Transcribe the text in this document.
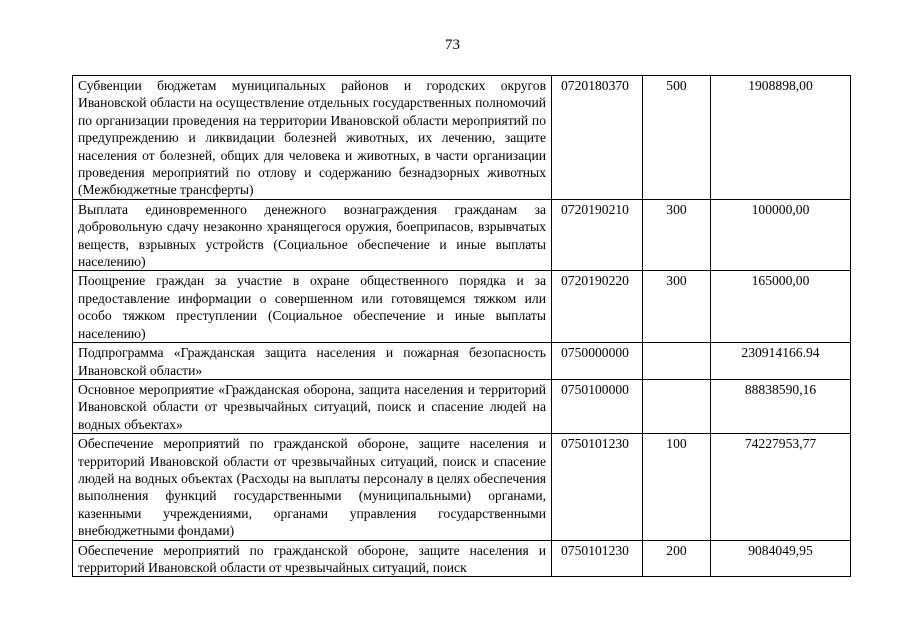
73
Субвенции бюджетам муниципальных районов и городских округов Ивановской области на осуществление отдельных государственных полномочий по организации проведения на территории Ивановской области мероприятий по предупреждению и ликвидации болезней животных, их лечению, защите населения от болезней, общих для человека и животных, в части организации проведения мероприятий по отлову и содержанию безнадзорных животных (Межбюджетные трансферты)	0720180370	500	1908898,00
Выплата единовременного денежного вознаграждения гражданам за добровольную сдачу незаконно хранящегося оружия, боеприпасов, взрывчатых веществ, взрывных устройств (Социальное обеспечение и иные выплаты населению)	0720190210	300	100000,00
Поощрение граждан за участие в охране общественного порядка и за предоставление информации о совершенном или готовящемся тяжком или особо тяжком преступлении (Социальное обеспечение и иные выплаты населению)	0720190220	300	165000,00
Подпрограмма «Гражданская защита населения и пожарная безопасность Ивановской области»	0750000000		230914166.94
Основное мероприятие «Гражданская оборона, защита населения и территорий Ивановской области от чрезвычайных ситуаций, поиск и спасение людей на водных объектах»	0750100000		88838590,16
Обеспечение мероприятий по гражданской обороне, защите населения и территорий Ивановской области от чрезвычайных ситуаций, поиск и спасение людей на водных объектах (Расходы на выплаты персоналу в целях обеспечения выполнения функций государственными (муниципальными) органами, казенными учреждениями, органами управления государственными внебюджетными фондами)	0750101230	100	74227953,77
Обеспечение мероприятий по гражданской обороне, защите населения и территорий Ивановской области от чрезвычайных ситуаций, поиск	0750101230	200	9084049,95
